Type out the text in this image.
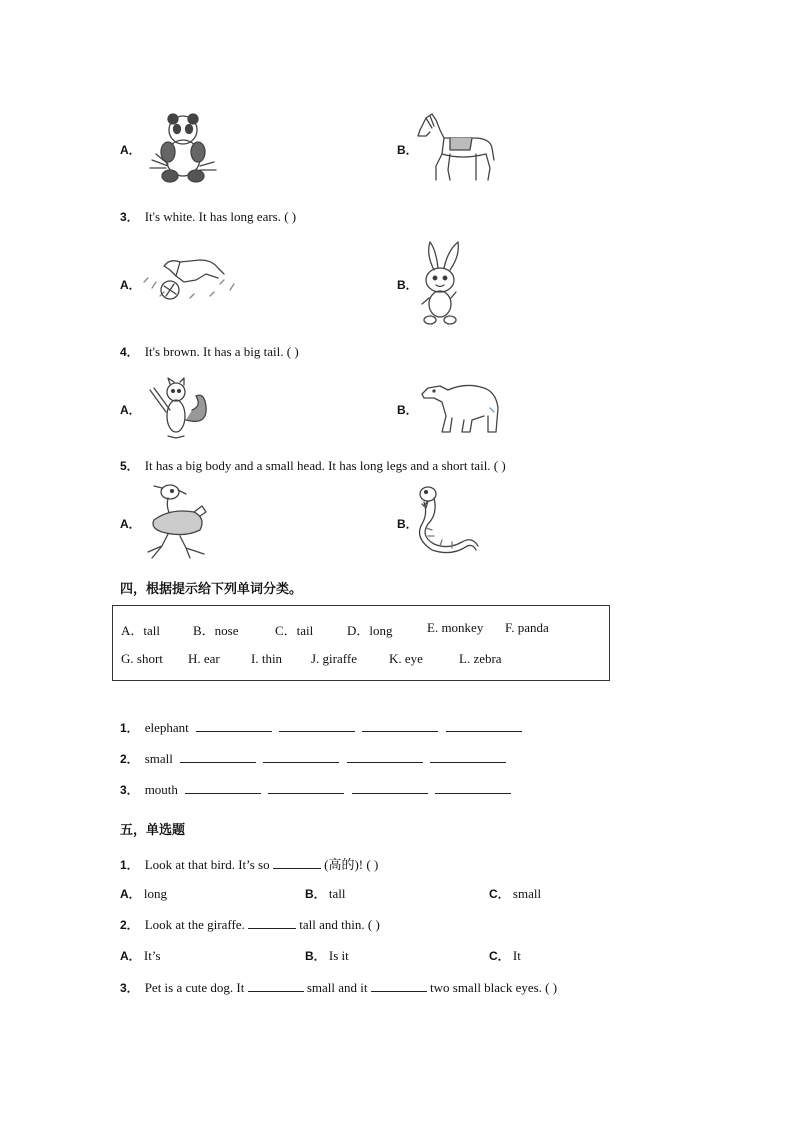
A．	B．
3． It's white. It has long ears. ( )
A．	B．
4． It's brown. It has a big tail. ( )
A．	B．
5． It has a big body and a small head. It has long legs and a short tail. ( )
A．	B．
四，根据提示给下列单词分类。
A．tall	B．nose	C．tail	D．long	E. monkey F. panda
G. short H. ear I. thin J. giraffe K. eye	L. zebra
1． elephant
2． small
3． mouth
五，单选题
1． Look at that bird. It’s so	(高的)! ( )
A． long	B． tall	C． small
2． Look at the giraffe.	tall and thin. ( )
A． It’s	B． Is it	C． It
3． Pet is a cute dog. It	small and it	two small black eyes. ( )
